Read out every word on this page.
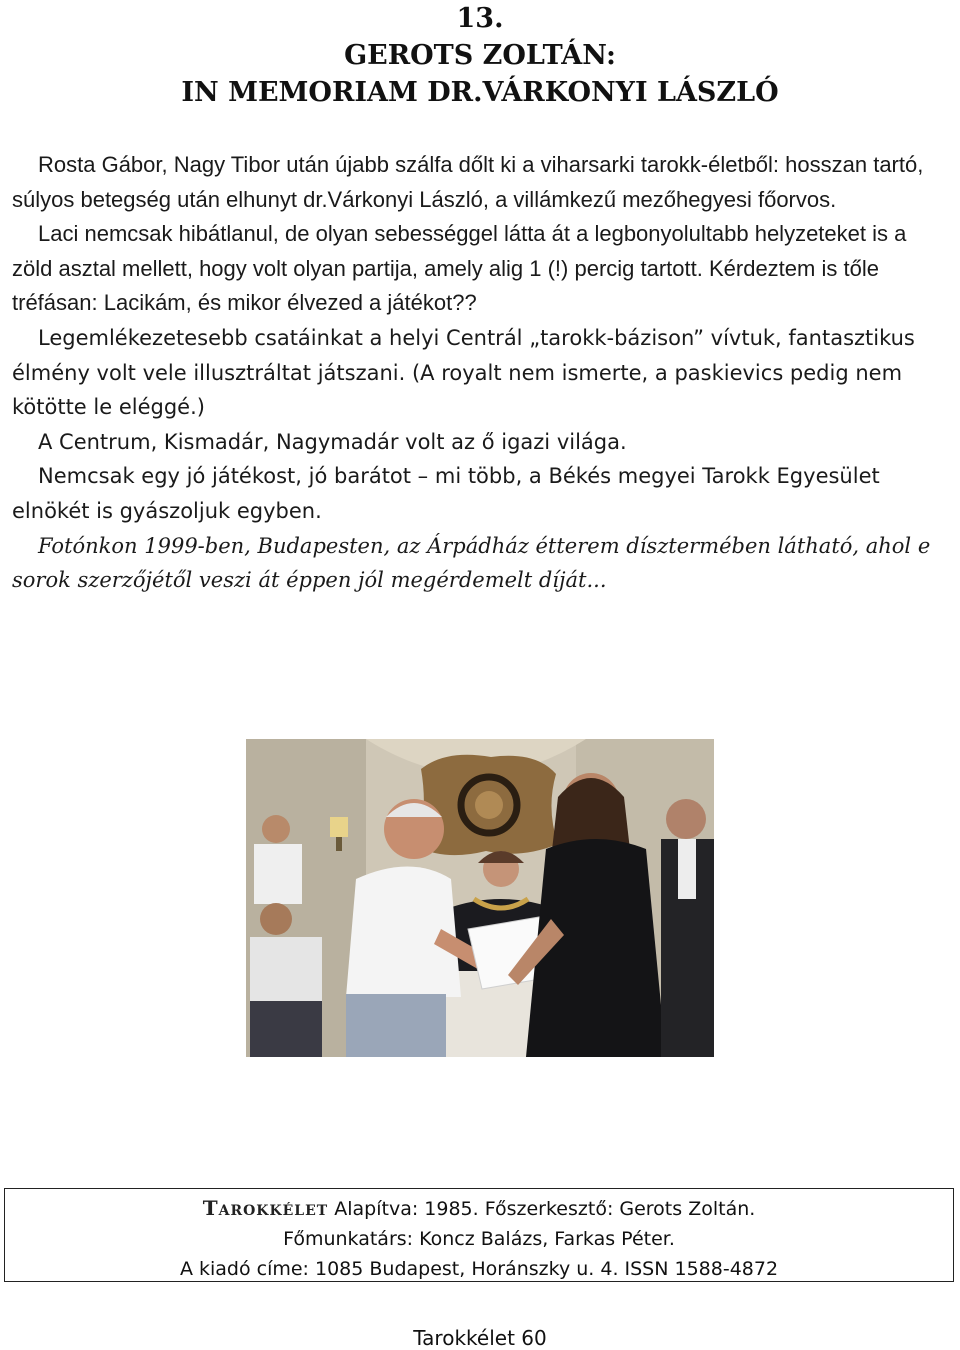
13.
GEROTS ZOLTÁN:
IN MEMORIAM DR.VÁRKONYI LÁSZLÓ

Rosta Gábor, Nagy Tibor után újabb szálfa dőlt ki a viharsarki tarokk-életből: hosszan tartó, súlyos betegség után elhunyt dr.Várkonyi László, a villámkezű mezőhegyesi főorvos.

Laci nemcsak hibátlanul, de olyan sebességgel látta át a legbonyolultabb helyzeteket is a zöld asztal mellett, hogy volt olyan partija, amely alig 1 (!) percig tartott. Kérdeztem is tőle tréfásan: Lacikám, és mikor élvezed a játékot??

Legemlékezetesebb csatáinkat a helyi Centrál „tarokk-bázison” vívtuk, fantasztikus élmény volt vele illusztráltat játszani. (A royalt nem ismerte, a paskievics pedig nem kötötte le eléggé.)

A Centrum, Kismadár, Nagymadár volt az ő igazi világa.

Nemcsak egy jó játékost, jó barátot – mi több, a Békés megyei Tarokk Egyesület elnökét is gyászoljuk egyben.

Fotónkon 1999-ben, Budapesten, az Árpádház étterem dísztermében látható, ahol e sorok szerzőjétől veszi át éppen jól megérdemelt díját...

Tarokkélet Alapítva: 1985. Főszerkesztő: Gerots Zoltán.
Főmunkatárs: Koncz Balázs, Farkas Péter.
A kiadó címe: 1085 Budapest, Horánszky u. 4. ISSN 1588-4872
Tarokkélet 60
